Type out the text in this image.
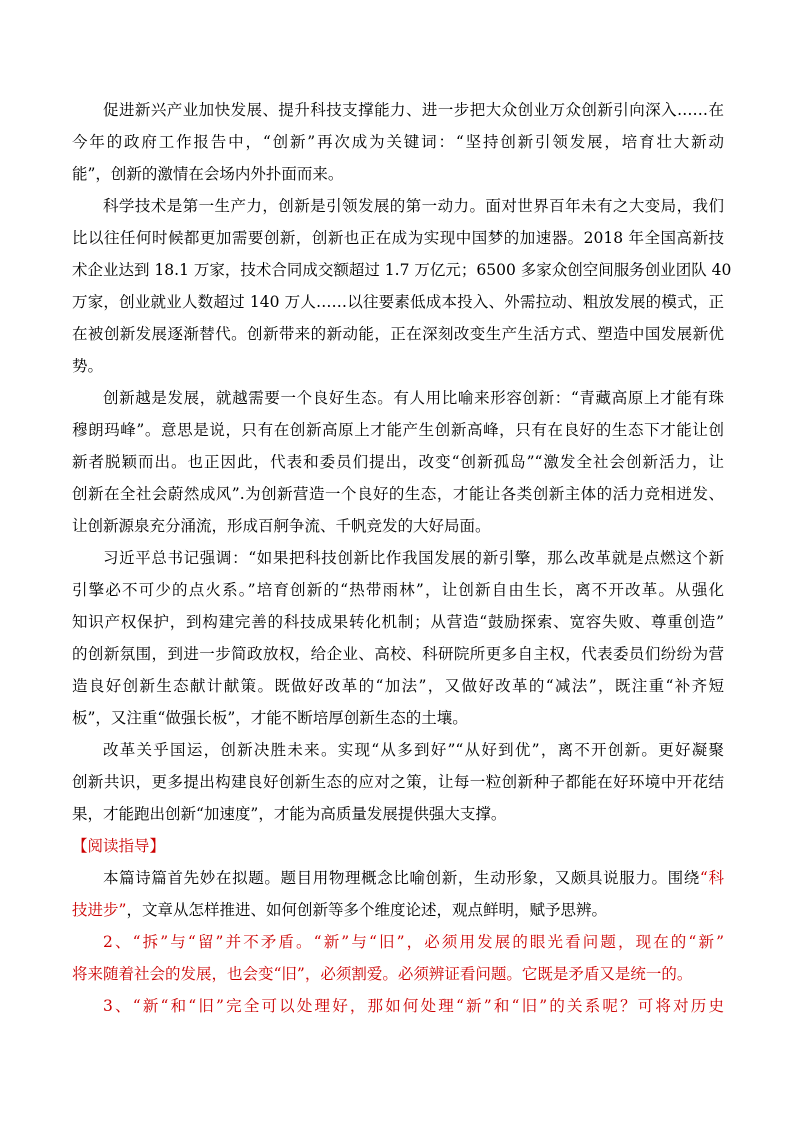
促进新兴产业加快发展、提升科技支撑能力、进一步把大众创业万众创新引向深入……在
今年的政府工作报告中，“创新”再次成为关键词：“坚持创新引领发展，培育壮大新动
能”，创新的激情在会场内外扑面而来。
科学技术是第一生产力，创新是引领发展的第一动力。面对世界百年未有之大变局，我们
比以往任何时候都更加需要创新，创新也正在成为实现中国梦的加速器。2018 年全国高新技
术企业达到 18.1 万家，技术合同成交额超过 1.7 万亿元；6500 多家众创空间服务创业团队 40
万家，创业就业人数超过 140 万人……以往要素低成本投入、外需拉动、粗放发展的模式，正
在被创新发展逐渐替代。创新带来的新动能，正在深刻改变生产生活方式、塑造中国发展新优
势。
创新越是发展，就越需要一个良好生态。有人用比喻来形容创新：“青藏高原上才能有珠
穆朗玛峰”。意思是说，只有在创新高原上才能产生创新高峰，只有在良好的生态下才能让创
新者脱颖而出。也正因此，代表和委员们提出，改变“创新孤岛”“激发全社会创新活力，让
创新在全社会蔚然成风”.为创新营造一个良好的生态，才能让各类创新主体的活力竞相迸发、
让创新源泉充分涌流，形成百舸争流、千帆竞发的大好局面。
习近平总书记强调：“如果把科技创新比作我国发展的新引擎，那么改革就是点燃这个新
引擎必不可少的点火系。”培育创新的“热带雨林”，让创新自由生长，离不开改革。从强化
知识产权保护，到构建完善的科技成果转化机制；从营造“鼓励探索、宽容失败、尊重创造”
的创新氛围，到进一步简政放权，给企业、高校、科研院所更多自主权，代表委员们纷纷为营
造良好创新生态献计献策。既做好改革的“加法”，又做好改革的“减法”，既注重“补齐短
板”，又注重“做强长板”，才能不断培厚创新生态的土壤。
改革关乎国运，创新决胜未来。实现“从多到好”“从好到优”，离不开创新。更好凝聚
创新共识，更多提出构建良好创新生态的应对之策，让每一粒创新种子都能在好环境中开花结
果，才能跑出创新“加速度”，才能为高质量发展提供强大支撑。
【阅读指导】
本篇诗篇首先妙在拟题。题目用物理概念比喻创新，生动形象，又颇具说服力。围绕“科
技进步”，文章从怎样推进、如何创新等多个维度论述，观点鲜明，赋予思辨。
2、“拆”与“留”并不矛盾。“新”与“旧”，必须用发展的眼光看问题，现在的“新”
将来随着社会的发展，也会变“旧”，必须割爱。必须辨证看问题。它既是矛盾又是统一的。
3、“新“和“旧”完全可以处理好，那如何处理“新”和“旧”的关系呢？可将对历史
